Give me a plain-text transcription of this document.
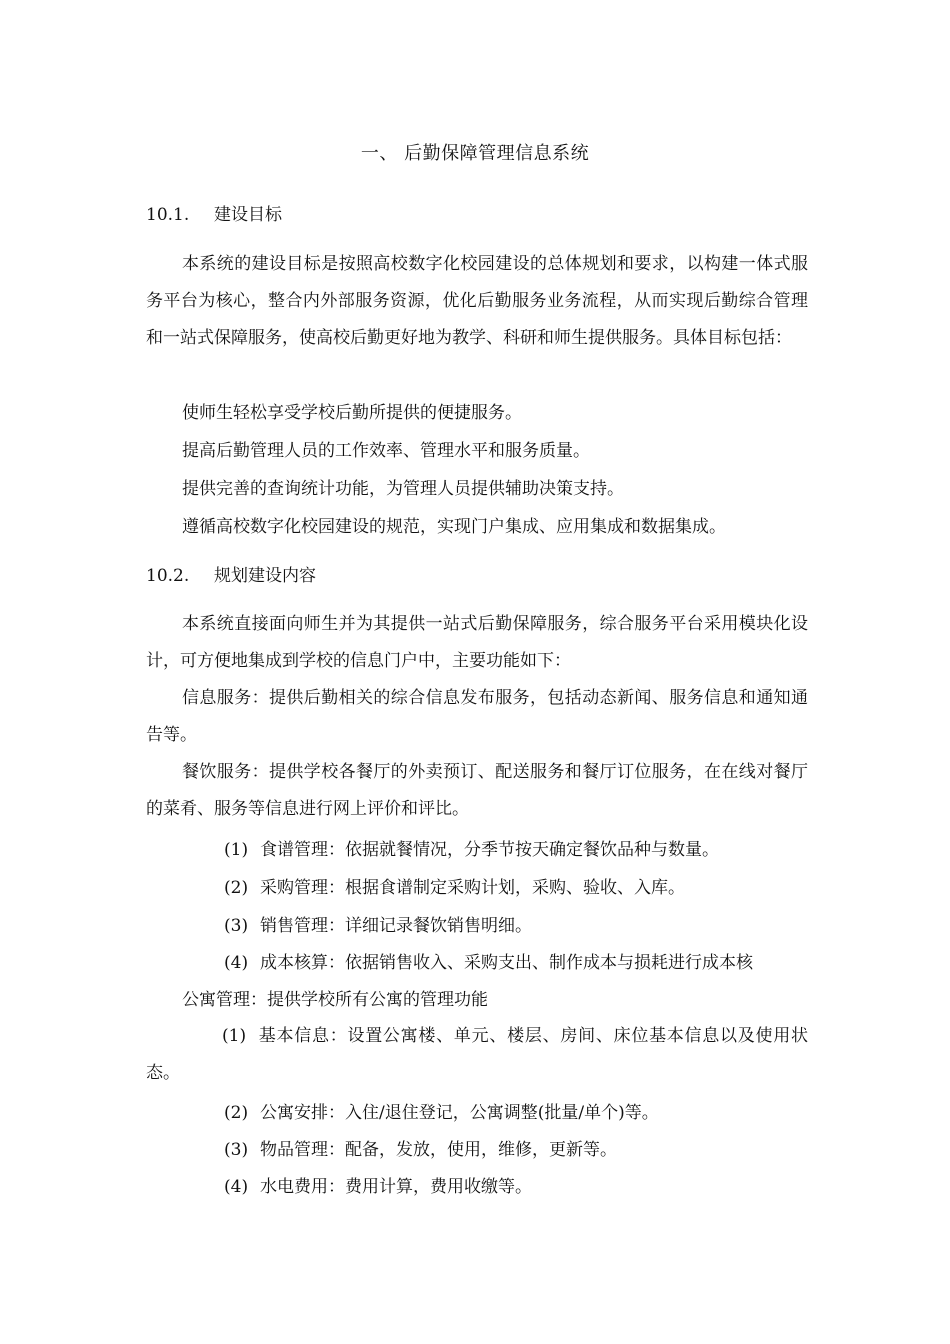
一、 后勤保障管理信息系统
10.1. 建设目标
本系统的建设目标是按照高校数字化校园建设的总体规划和要求，以构建一体式服务平台为核心，整合内外部服务资源，优化后勤服务业务流程，从而实现后勤综合管理和一站式保障服务，使高校后勤更好地为教学、科研和师生提供服务。具体目标包括：
使师生轻松享受学校后勤所提供的便捷服务。
提高后勤管理人员的工作效率、管理水平和服务质量。
提供完善的查询统计功能，为管理人员提供辅助决策支持。
遵循高校数字化校园建设的规范，实现门户集成、应用集成和数据集成。
10.2. 规划建设内容
本系统直接面向师生并为其提供一站式后勤保障服务，综合服务平台采用模块化设计，可方便地集成到学校的信息门户中，主要功能如下：
信息服务：提供后勤相关的综合信息发布服务，包括动态新闻、服务信息和通知通告等。
餐饮服务：提供学校各餐厅的外卖预订、配送服务和餐厅订位服务，在在线对餐厅的菜肴、服务等信息进行网上评价和评比。
(1) 食谱管理：依据就餐情况，分季节按天确定餐饮品种与数量。
(2) 采购管理：根据食谱制定采购计划，采购、验收、入库。
(3) 销售管理：详细记录餐饮销售明细。
(4) 成本核算：依据销售收入、采购支出、制作成本与损耗进行成本核
公寓管理：提供学校所有公寓的管理功能
(1) 基本信息：设置公寓楼、单元、楼层、房间、床位基本信息以及使用状态。
(2) 公寓安排：入住/退住登记，公寓调整(批量/单个)等。
(3) 物品管理：配备，发放，使用，维修，更新等。
(4) 水电费用：费用计算，费用收缴等。
